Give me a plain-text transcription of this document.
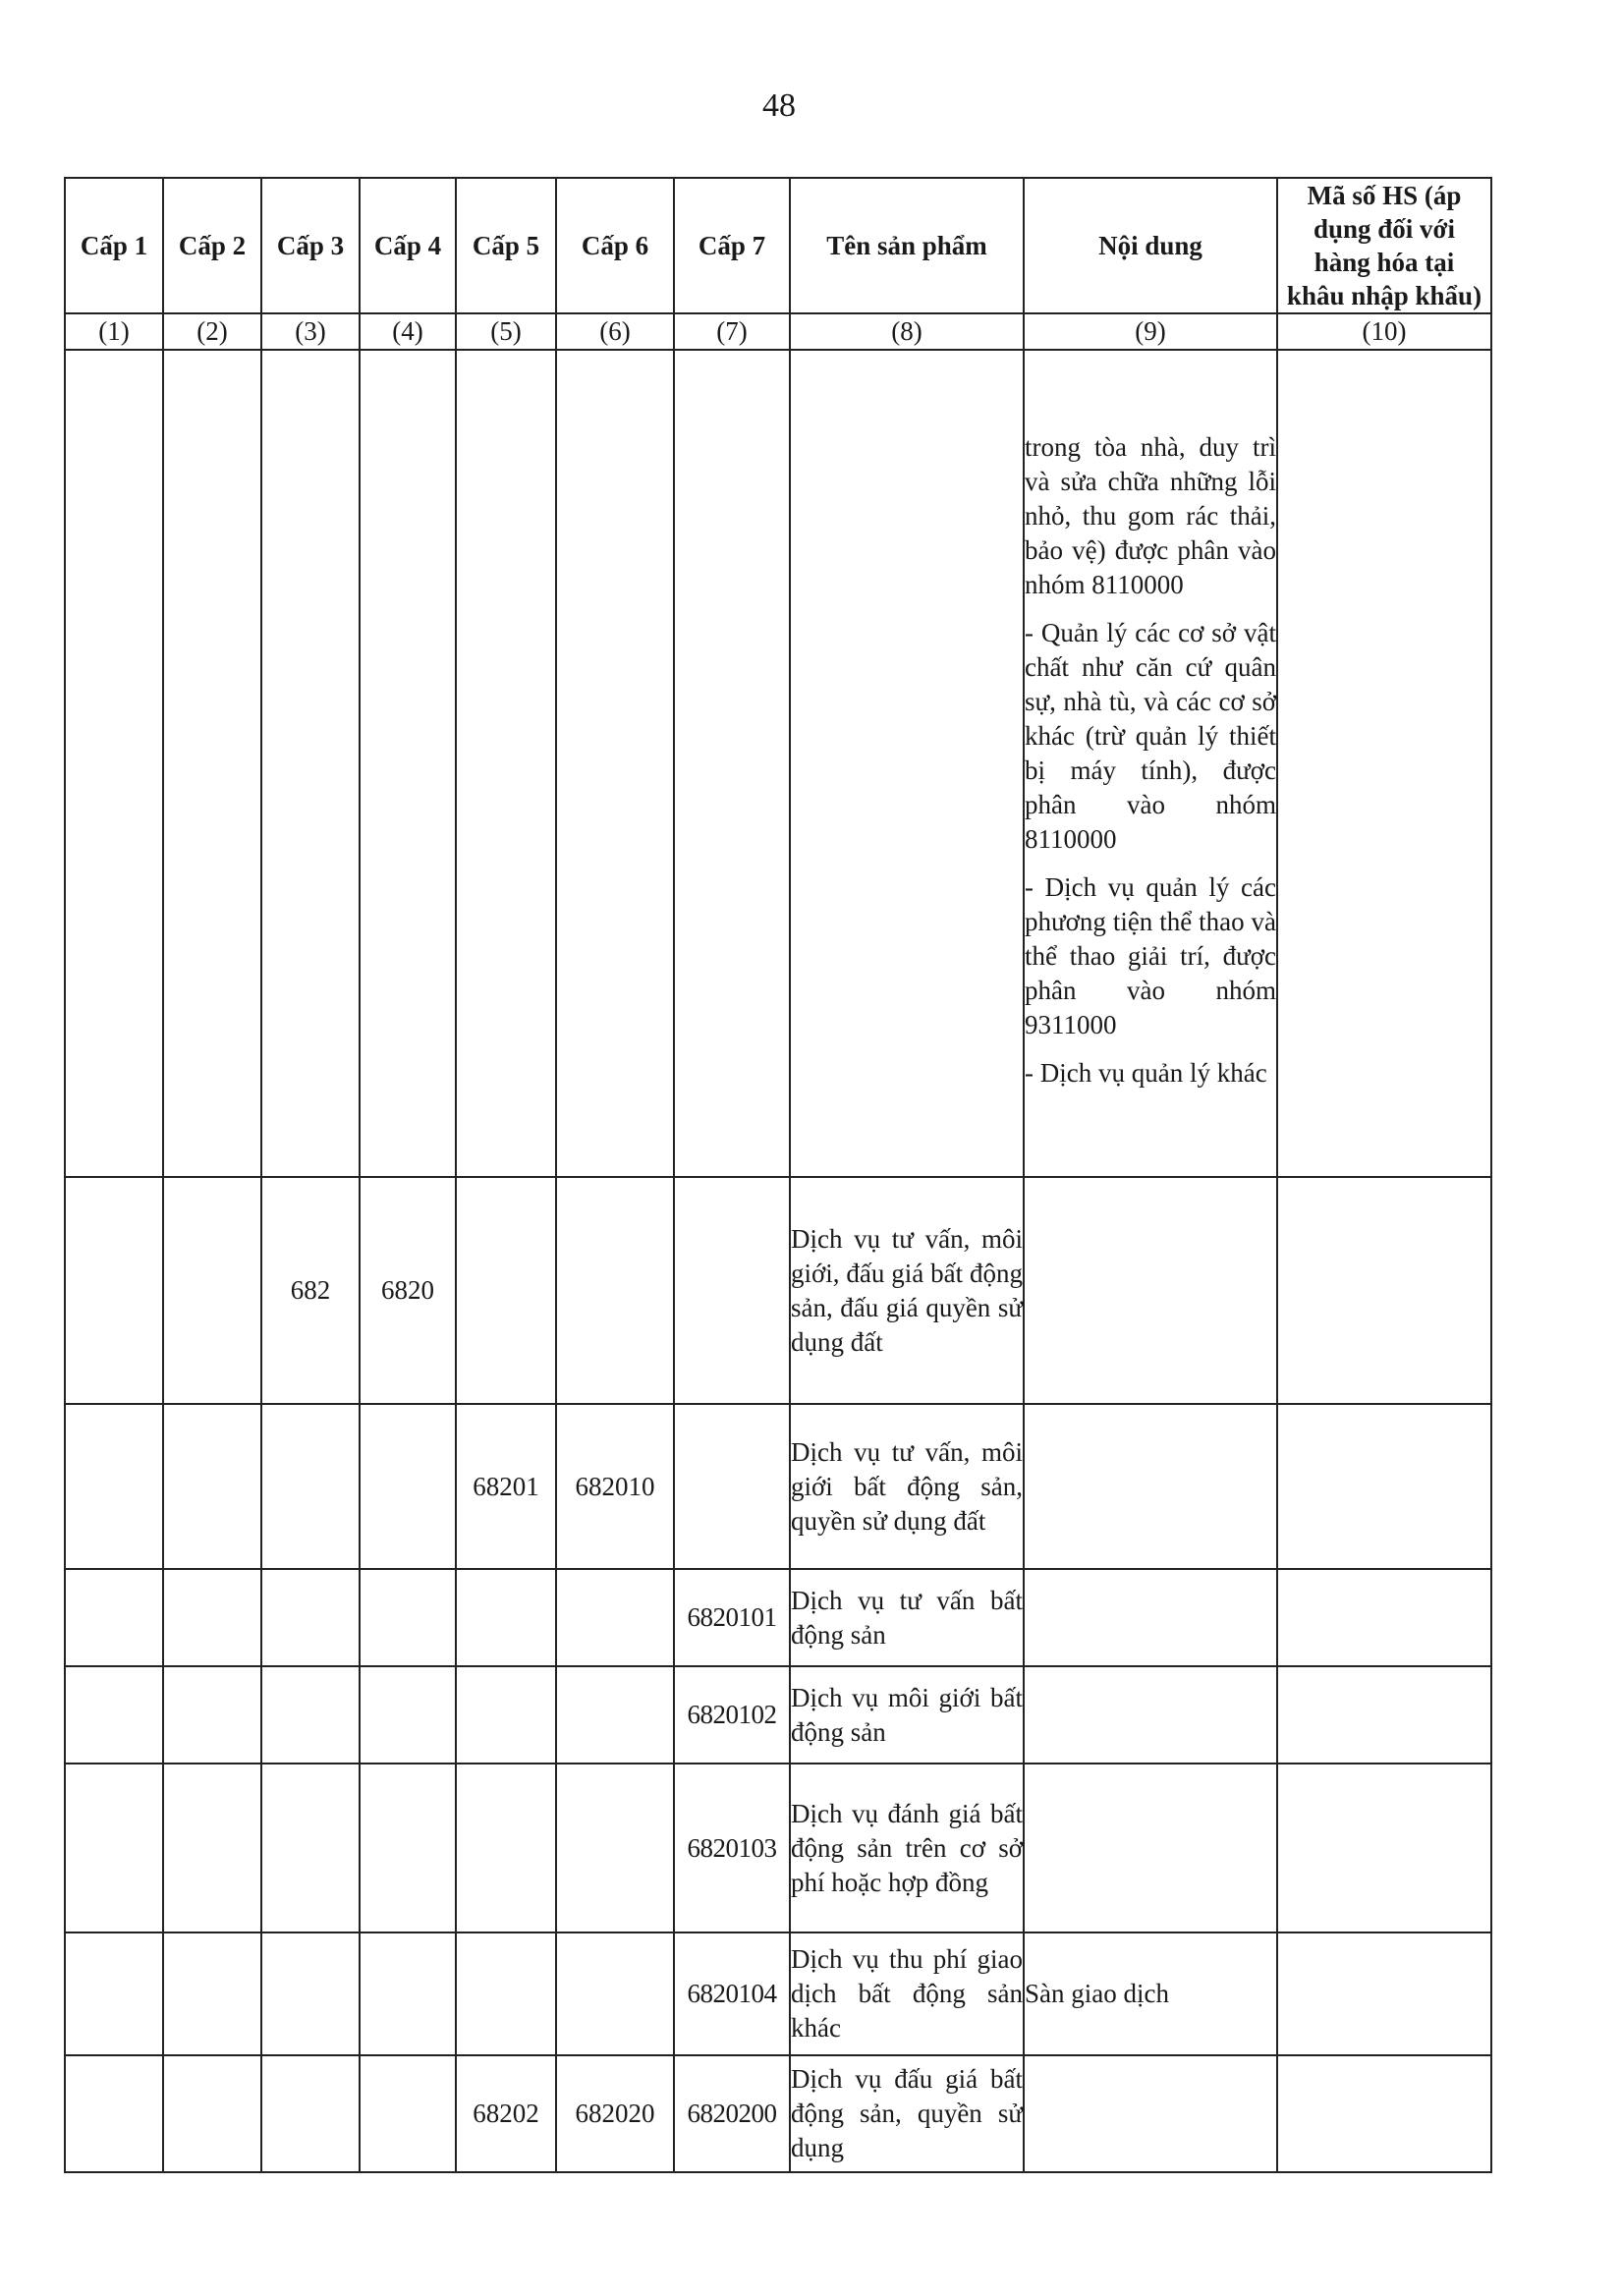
48
Cấp 1	Cấp 2	Cấp 3	Cấp 4	Cấp 5	Cấp 6	Cấp 7	Tên sản phẩm	Nội dung	Mã số HS (áp dụng đối với hàng hóa tại khâu nhập khẩu)
(1)	(2)	(3)	(4)	(5)	(6)	(7)	(8)	(9)	(10)

								trong tòa nhà, duy trì và sửa chữa những lỗi nhỏ, thu gom rác thải, bảo vệ) được phân vào nhóm 8110000
- Quản lý các cơ sở vật chất như căn cứ quân sự, nhà tù, và các cơ sở khác (trừ quản lý thiết bị máy tính), được phân vào nhóm 8110000
- Dịch vụ quản lý các phương tiện thể thao và thể thao giải trí, được phân vào nhóm 9311000
- Dịch vụ quản lý khác	

		682	6820				Dịch vụ tư vấn, môi giới, đấu giá bất động sản, đấu giá quyền sử dụng đất		
				68201	682010		Dịch vụ tư vấn, môi giới bất động sản, quyền sử dụng đất		
						6820101	Dịch vụ tư vấn bất động sản		
						6820102	Dịch vụ môi giới bất động sản		
						6820103	Dịch vụ đánh giá bất động sản trên cơ sở phí hoặc hợp đồng		
						6820104	Dịch vụ thu phí giao dịch bất động sản khác	Sàn giao dịch	
				68202	682020	6820200	Dịch vụ đấu giá bất động sản, quyền sử dụng		
